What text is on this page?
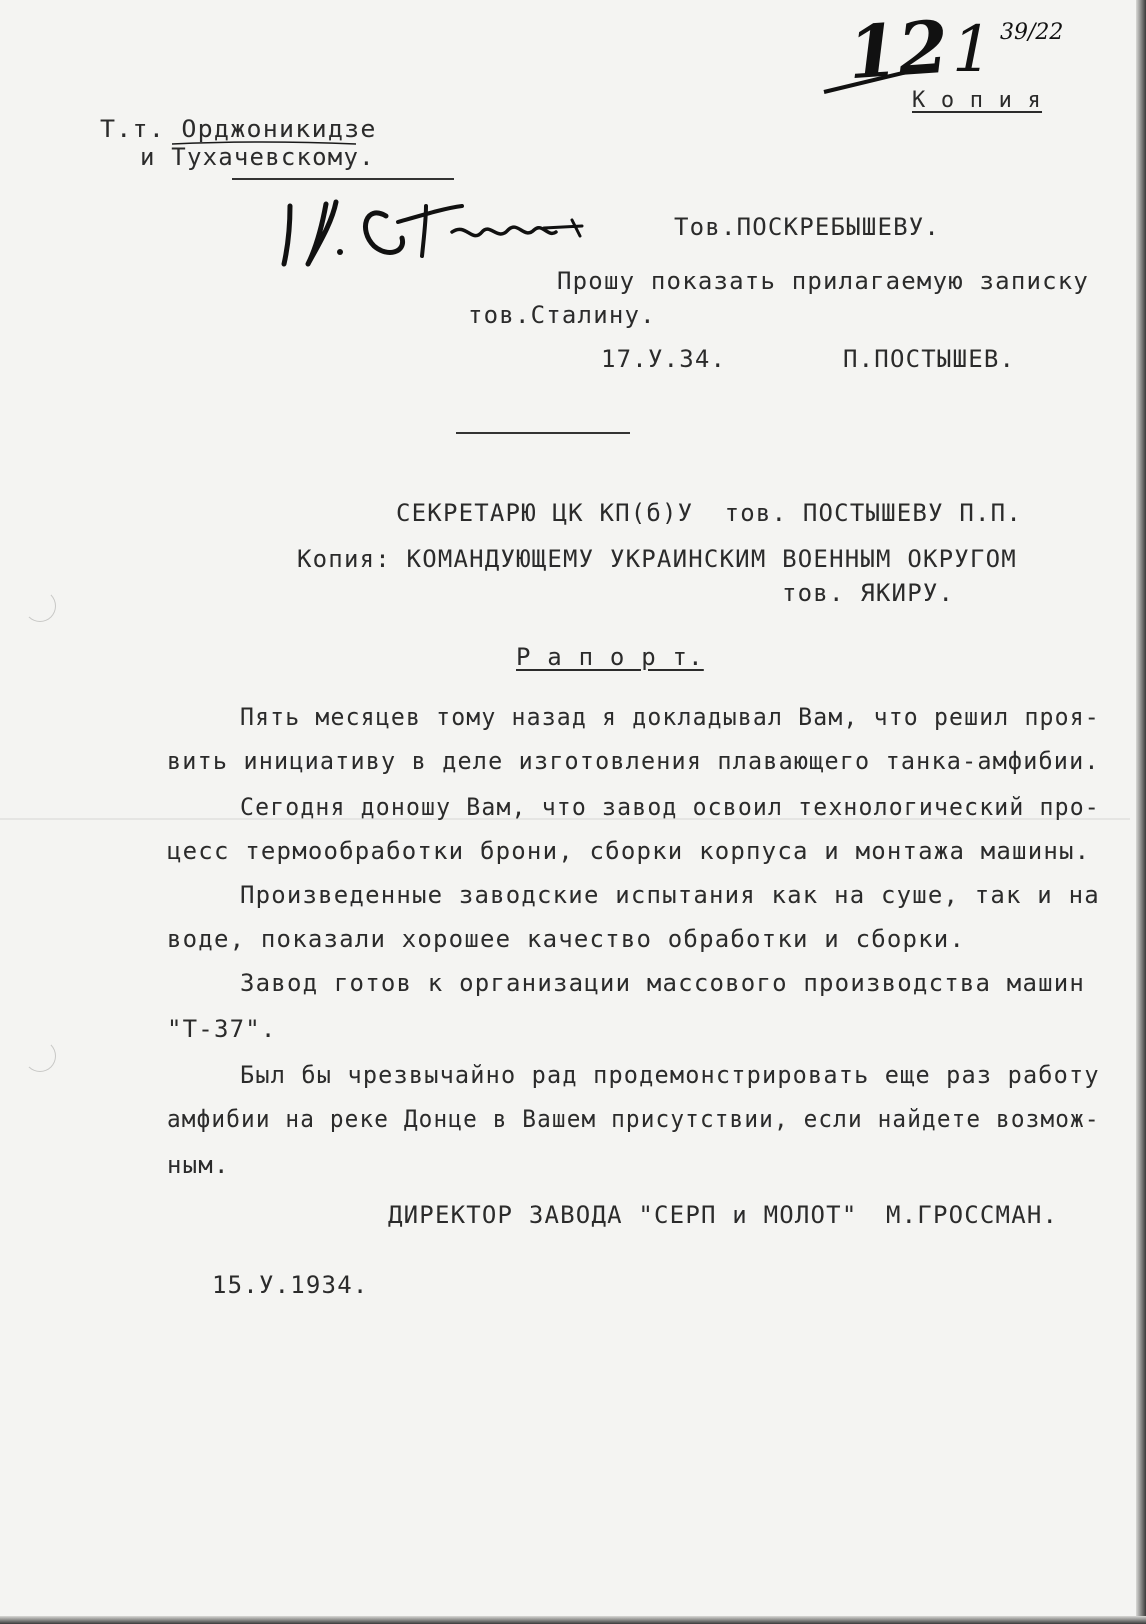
12 1 39/22
К о п и я
Т.т. Орджоникидзе
и Тухачевскому.
Тов.ПОСКРЕБЫШЕВУ.
Прошу показать прилагаемую записку
тов.Сталину.
17.У.34.	П.ПОСТЫШЕВ.
СЕКРЕТАРЮ ЦК КП(б)У  тов. ПОСТЫШЕВУ П.П.
Копия: КОМАНДУЮЩЕМУ УКРАИНСКИМ ВОЕННЫМ ОКРУГОМ
тов. ЯКИРУ.
Р а п о р т.
Пять месяцев тому назад я докладывал Вам, что решил проя-
вить инициативу в деле изготовления плавающего танка-амфибии.
Сегодня доношу Вам, что завод освоил технологический про-
цесс термообработки брони, сборки корпуса и монтажа машины.
Произведенные заводские испытания как на суше, так и на
воде, показали хорошее качество обработки и сборки.
Завод готов к организации массового производства машин
"Т-37".
Был бы чрезвычайно рад продемонстрировать еще раз работу
амфибии на реке Донце в Вашем присутствии, если найдете возмож-
ным.
ДИРЕКТОР ЗАВОДА "СЕРП и МОЛОТ" М.ГРОССМАН.
15.У.1934.
